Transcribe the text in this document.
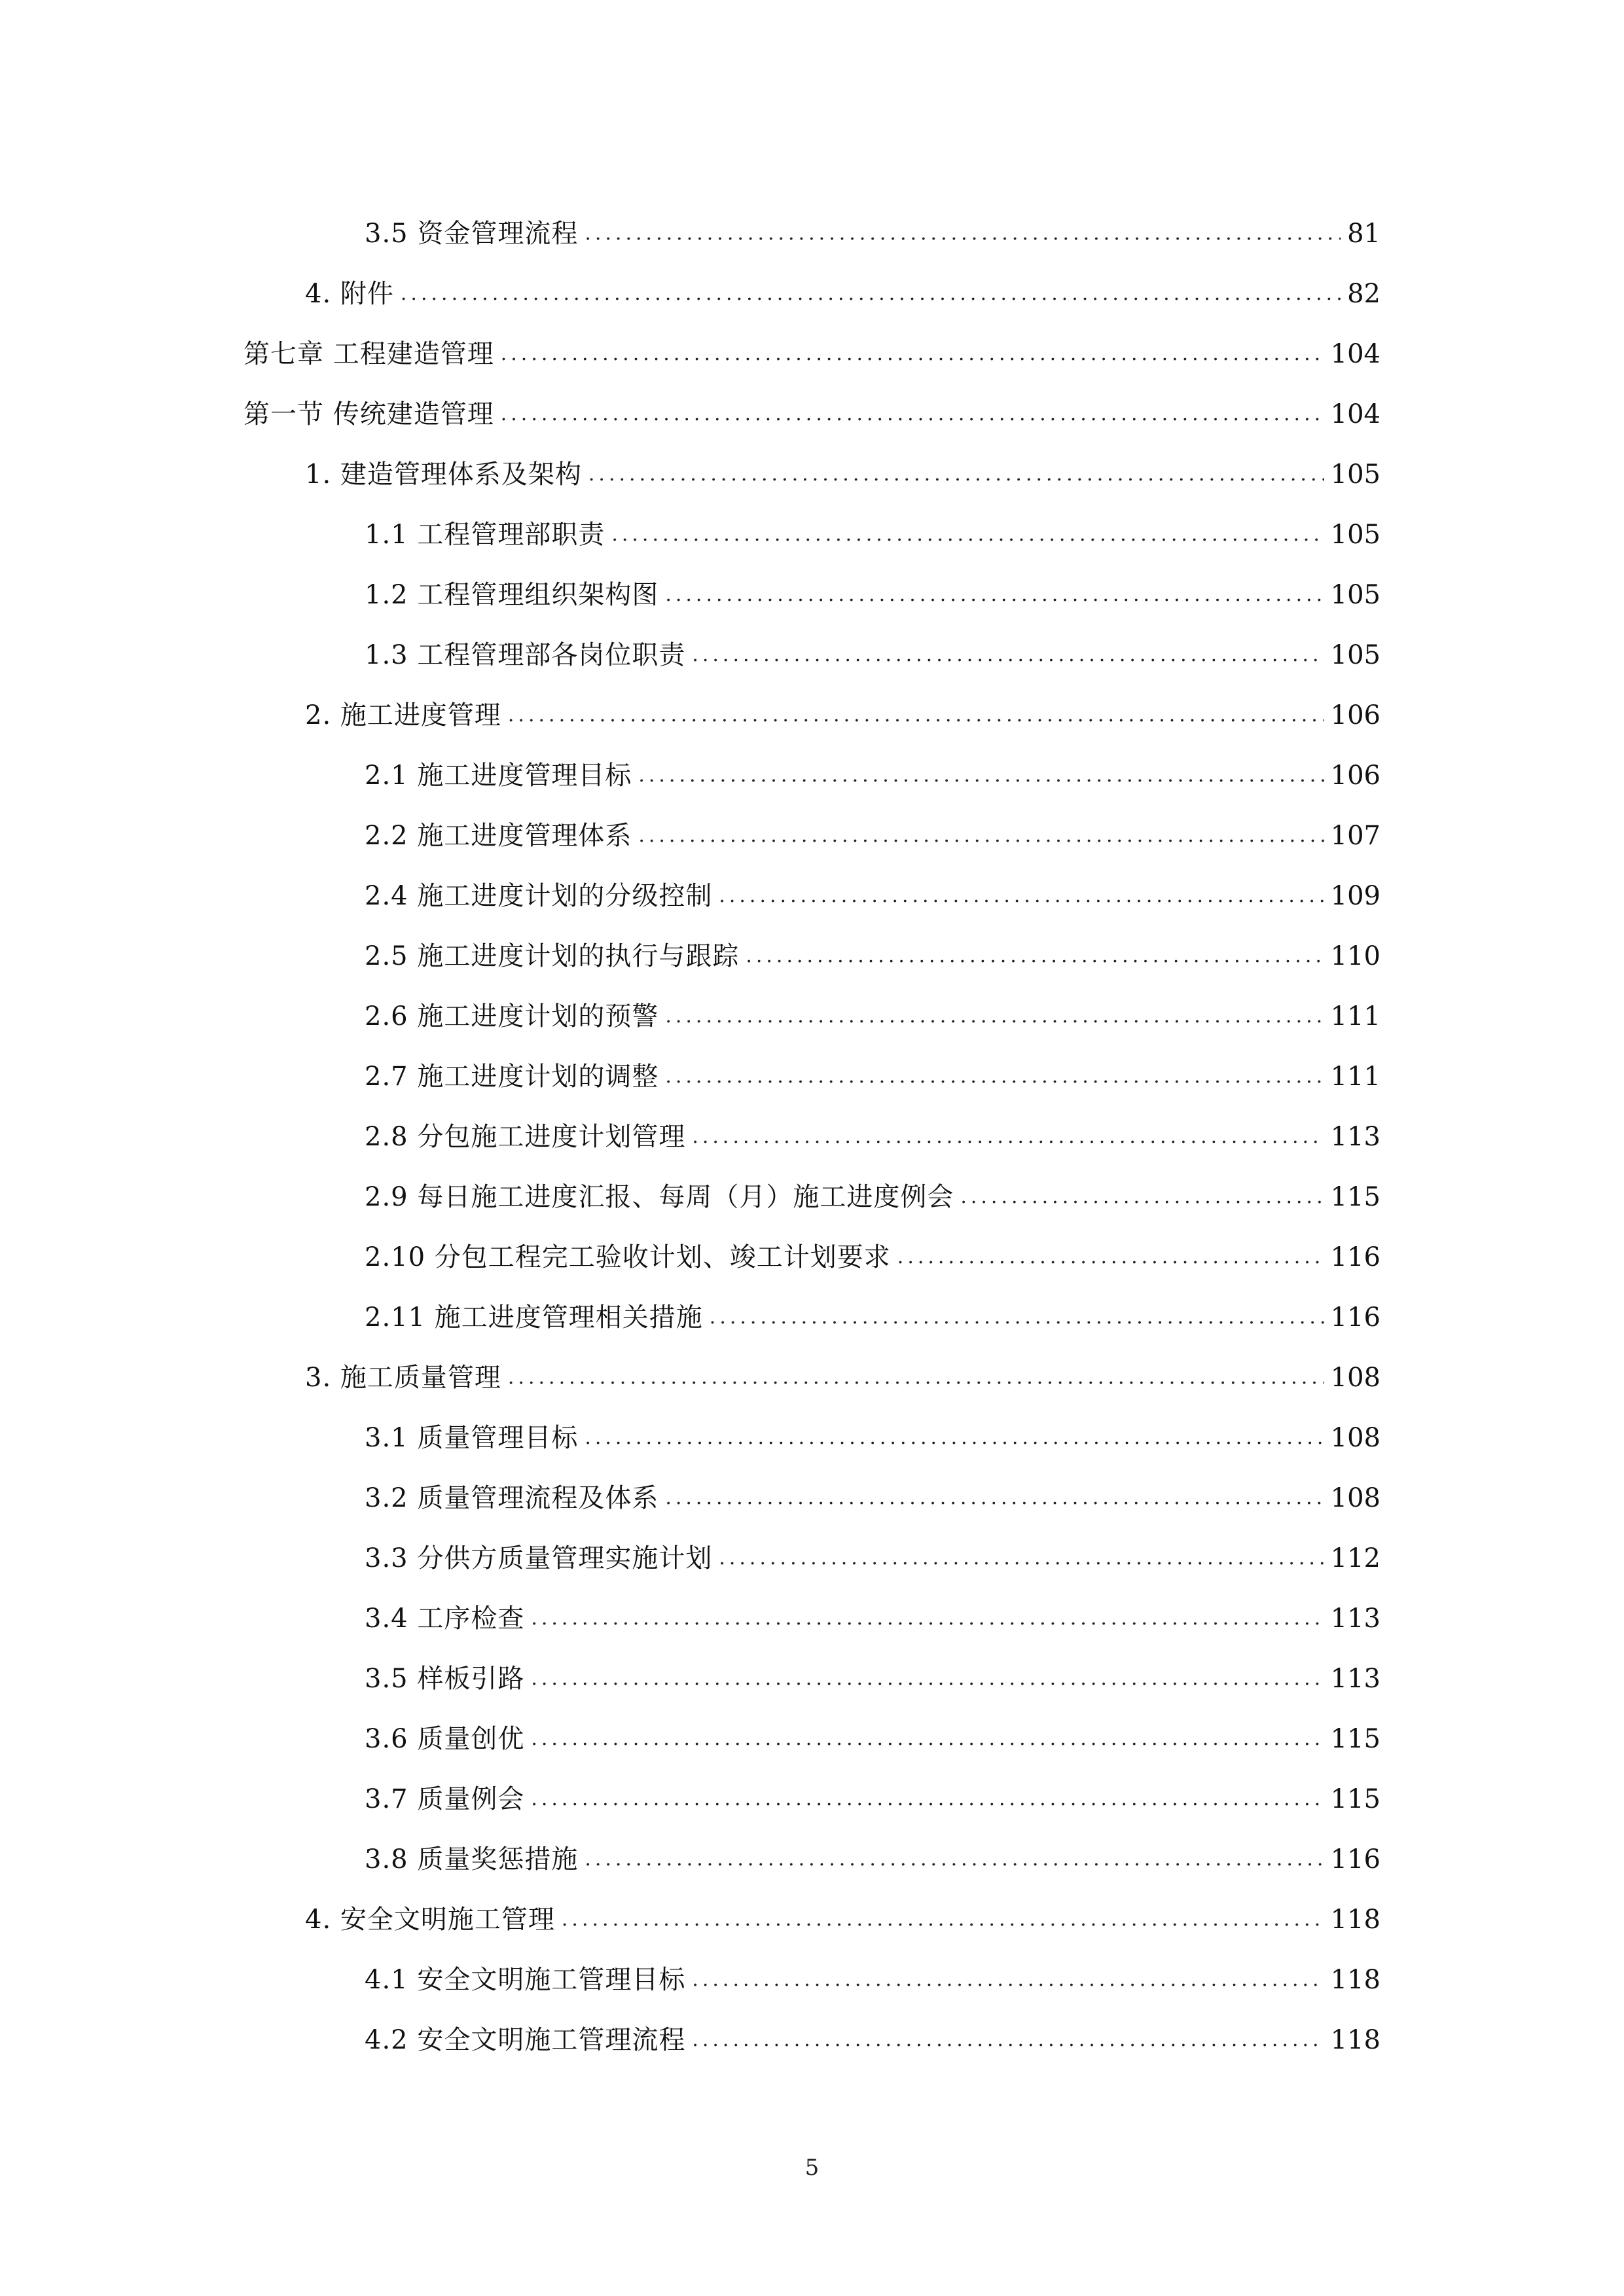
3.5 资金管理流程 .....	81
4. 附件 .....	82
第七章 工程建造管理 .....	104
第一节 传统建造管理 .....	104
1. 建造管理体系及架构 .....	105
1.1 工程管理部职责 .....	105
1.2 工程管理组织架构图 .....	105
1.3 工程管理部各岗位职责 .....	105
2. 施工进度管理 .....	106
2.1 施工进度管理目标 .....	106
2.2 施工进度管理体系 .....	107
2.4 施工进度计划的分级控制 .....	109
2.5 施工进度计划的执行与跟踪 .....	110
2.6 施工进度计划的预警 .....	111
2.7 施工进度计划的调整 .....	111
2.8 分包施工进度计划管理 .....	113
2.9 每日施工进度汇报、每周（月）施工进度例会 .....	115
2.10 分包工程完工验收计划、竣工计划要求 .....	116
2.11 施工进度管理相关措施 .....	116
3. 施工质量管理 .....	108
3.1 质量管理目标 .....	108
3.2 质量管理流程及体系 .....	108
3.3 分供方质量管理实施计划 .....	112
3.4 工序检查 .....	113
3.5 样板引路 .....	113
3.6 质量创优 .....	115
3.7 质量例会 .....	115
3.8 质量奖惩措施 .....	116
4. 安全文明施工管理 .....	118
4.1 安全文明施工管理目标 .....	118
4.2 安全文明施工管理流程 .....	118
5
